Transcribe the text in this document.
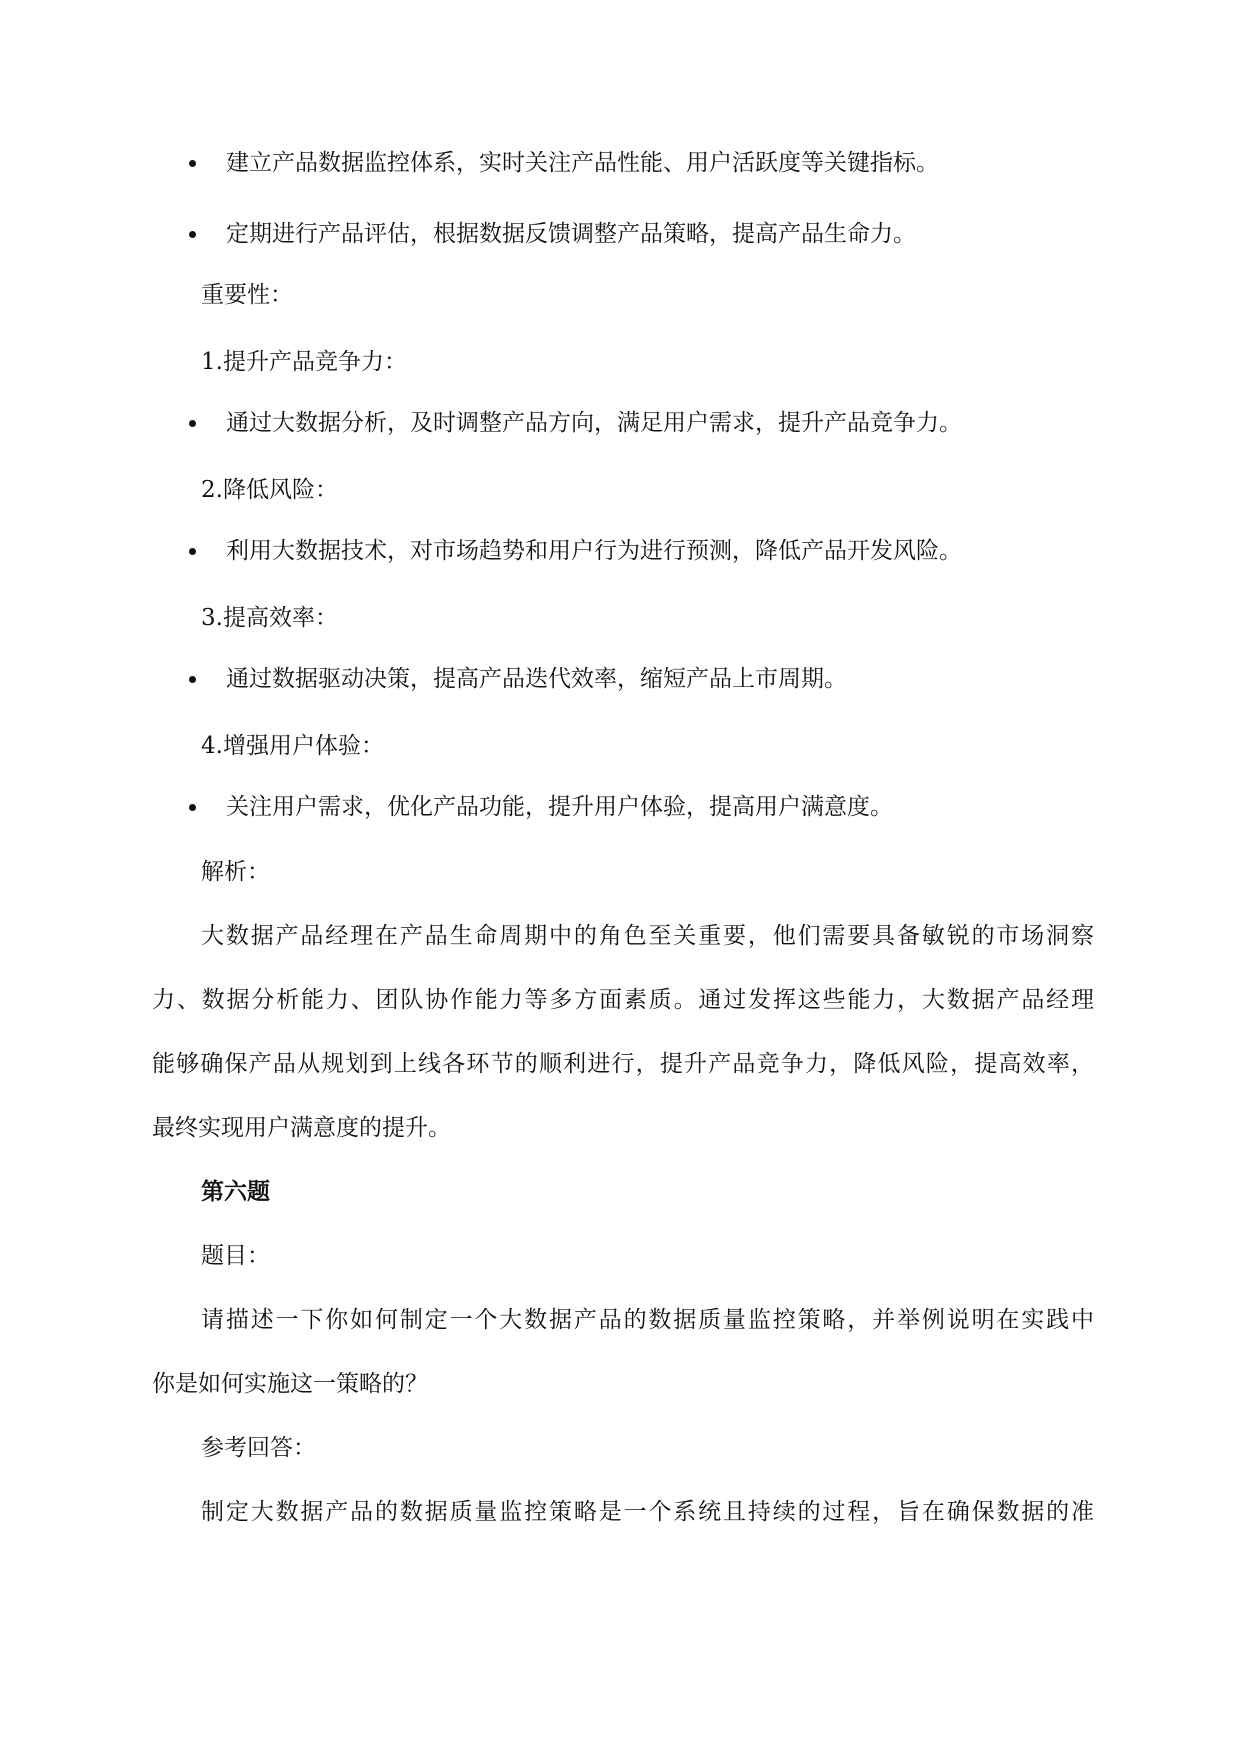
建立产品数据监控体系，实时关注产品性能、用户活跃度等关键指标。
定期进行产品评估，根据数据反馈调整产品策略，提高产品生命力。
重要性：
1.提升产品竞争力：
通过大数据分析，及时调整产品方向，满足用户需求，提升产品竞争力。
2.降低风险：
利用大数据技术，对市场趋势和用户行为进行预测，降低产品开发风险。
3.提高效率：
通过数据驱动决策，提高产品迭代效率，缩短产品上市周期。
4.增强用户体验：
关注用户需求，优化产品功能，提升用户体验，提高用户满意度。
解析：
大数据产品经理在产品生命周期中的角色至关重要，他们需要具备敏锐的市场洞察
力、数据分析能力、团队协作能力等多方面素质。通过发挥这些能力，大数据产品经理
能够确保产品从规划到上线各环节的顺利进行，提升产品竞争力，降低风险，提高效率，
最终实现用户满意度的提升。
第六题
题目：
请描述一下你如何制定一个大数据产品的数据质量监控策略，并举例说明在实践中
你是如何实施这一策略的？
参考回答：
制定大数据产品的数据质量监控策略是一个系统且持续的过程，旨在确保数据的准
